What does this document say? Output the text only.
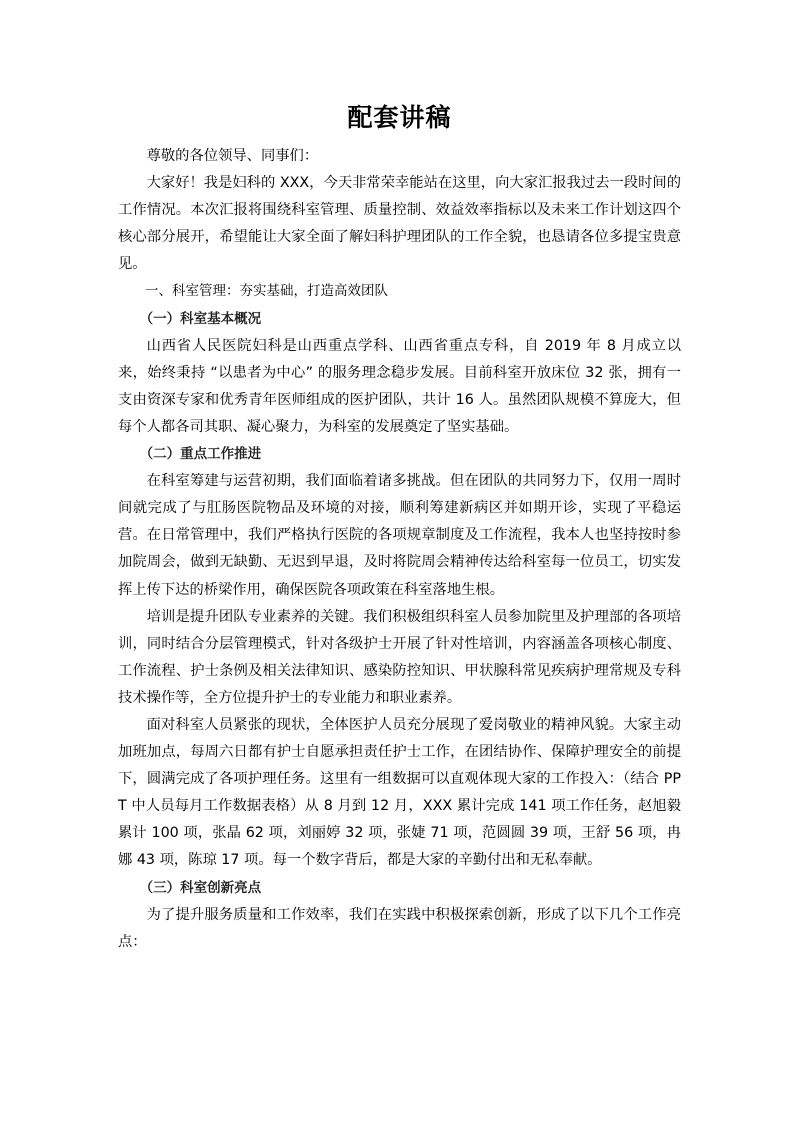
配套讲稿

尊敬的各位领导、同事们：

大家好！我是妇科的 XXX，今天非常荣幸能站在这里，向大家汇报我过去一段时间的工作情况。本次汇报将围绕科室管理、质量控制、效益效率指标以及未来工作计划这四个核心部分展开，希望能让大家全面了解妇科护理团队的工作全貌，也恳请各位多提宝贵意见。

一、科室管理：夯实基础，打造高效团队

（一）科室基本概况

山西省人民医院妇科是山西重点学科、山西省重点专科，自 2019 年 8 月成立以来，始终秉持 “以患者为中心” 的服务理念稳步发展。目前科室开放床位 32 张，拥有一支由资深专家和优秀青年医师组成的医护团队，共计 16 人。虽然团队规模不算庞大，但每个人都各司其职、凝心聚力，为科室的发展奠定了坚实基础。

（二）重点工作推进

在科室筹建与运营初期，我们面临着诸多挑战。但在团队的共同努力下，仅用一周时间就完成了与肛肠医院物品及环境的对接，顺利筹建新病区并如期开诊，实现了平稳运营。在日常管理中，我们严格执行医院的各项规章制度及工作流程，我本人也坚持按时参加院周会，做到无缺勤、无迟到早退，及时将院周会精神传达给科室每一位员工，切实发挥上传下达的桥梁作用，确保医院各项政策在科室落地生根。

培训是提升团队专业素养的关键。我们积极组织科室人员参加院里及护理部的各项培训，同时结合分层管理模式，针对各级护士开展了针对性培训，内容涵盖各项核心制度、工作流程、护士条例及相关法律知识、感染防控知识、甲状腺科常见疾病护理常规及专科技术操作等，全方位提升护士的专业能力和职业素养。

面对科室人员紧张的现状，全体医护人员充分展现了爱岗敬业的精神风貌。大家主动加班加点，每周六日都有护士自愿承担责任护士工作，在团结协作、保障护理安全的前提下，圆满完成了各项护理任务。这里有一组数据可以直观体现大家的工作投入：（结合 PPT 中人员每月工作数据表格）从 8 月到 12 月，XXX 累计完成 141 项工作任务，赵旭毅累计 100 项，张晶 62 项，刘丽婷 32 项，张婕 71 项，范圆圆 39 项，王舒 56 项，冉娜 43 项，陈琼 17 项。每一个数字背后，都是大家的辛勤付出和无私奉献。

（三）科室创新亮点

为了提升服务质量和工作效率，我们在实践中积极探索创新，形成了以下几个工作亮点：
